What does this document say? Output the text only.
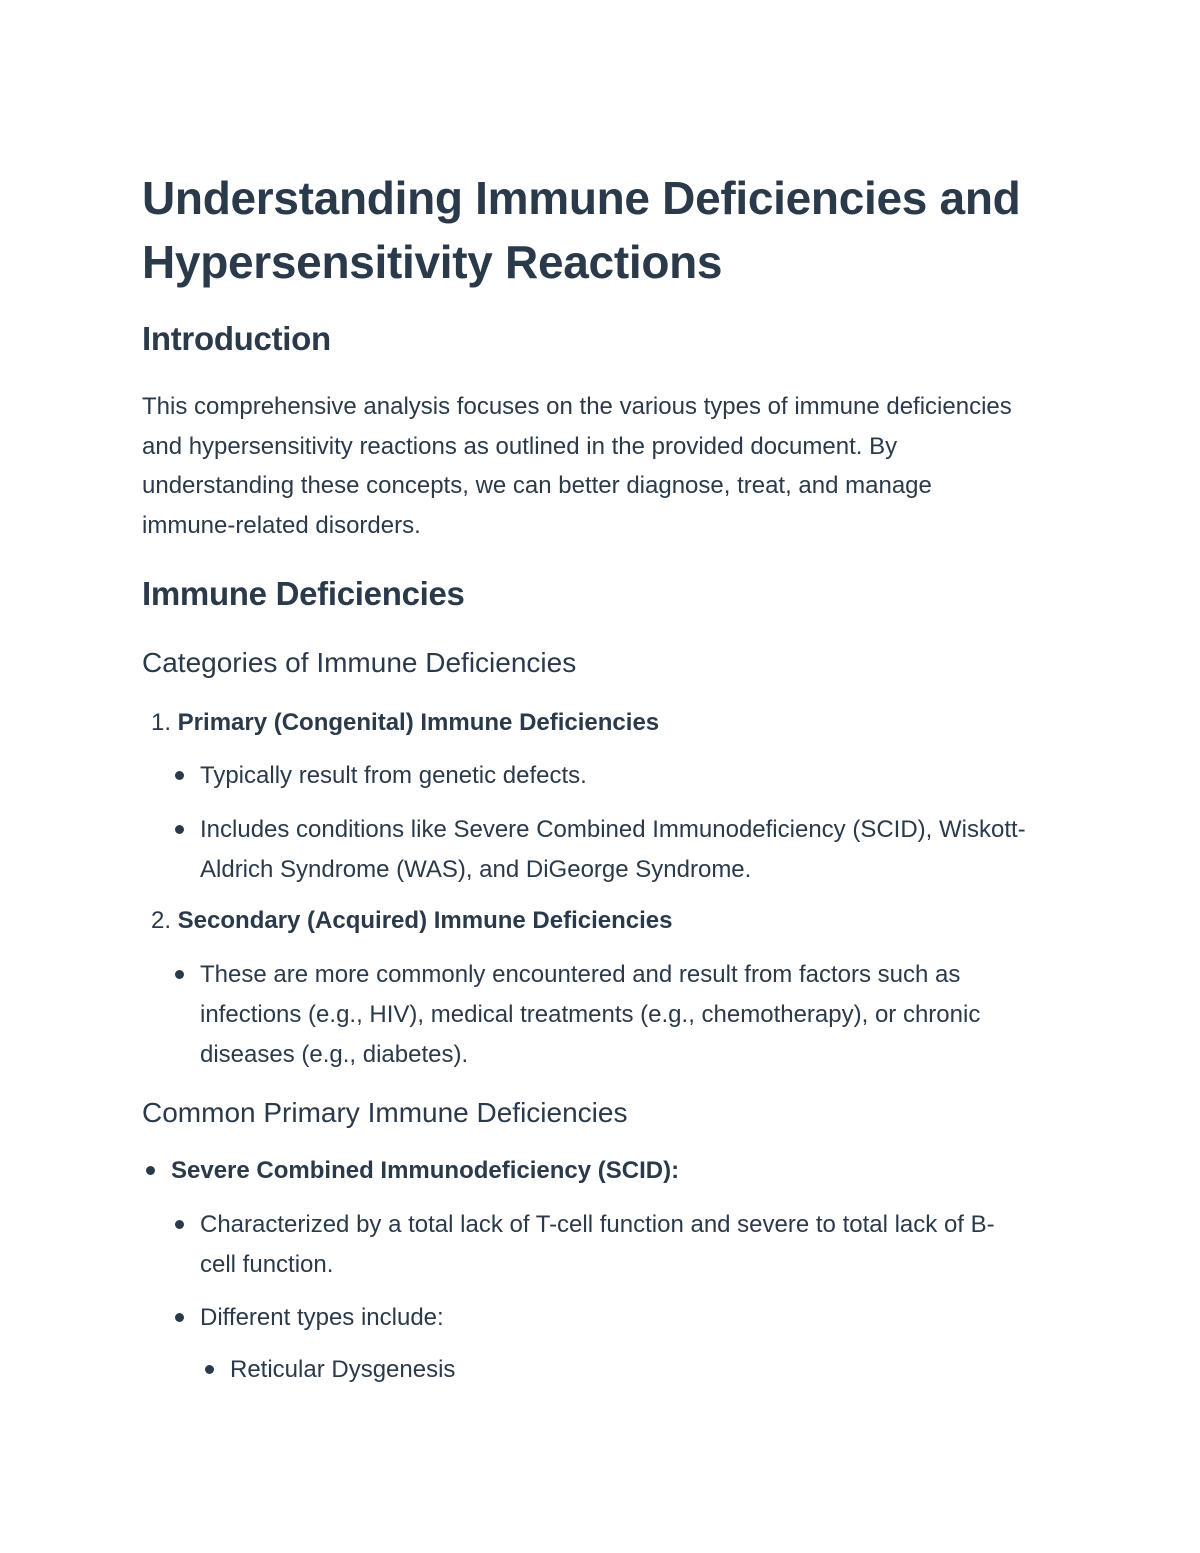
Understanding Immune Deficiencies and Hypersensitivity Reactions
Introduction

This comprehensive analysis focuses on the various types of immune deficiencies and hypersensitivity reactions as outlined in the provided document. By understanding these concepts, we can better diagnose, treat, and manage immune-related disorders.

Immune Deficiencies
Categories of Immune Deficiencies
1. Primary (Congenital) Immune Deficiencies
Typically result from genetic defects.
Includes conditions like Severe Combined Immunodeficiency (SCID), Wiskott-Aldrich Syndrome (WAS), and DiGeorge Syndrome.
2. Secondary (Acquired) Immune Deficiencies
These are more commonly encountered and result from factors such as infections (e.g., HIV), medical treatments (e.g., chemotherapy), or chronic diseases (e.g., diabetes).
Common Primary Immune Deficiencies
Severe Combined Immunodeficiency (SCID):
Characterized by a total lack of T-cell function and severe to total lack of B-cell function.
Different types include:
Reticular Dysgenesis
